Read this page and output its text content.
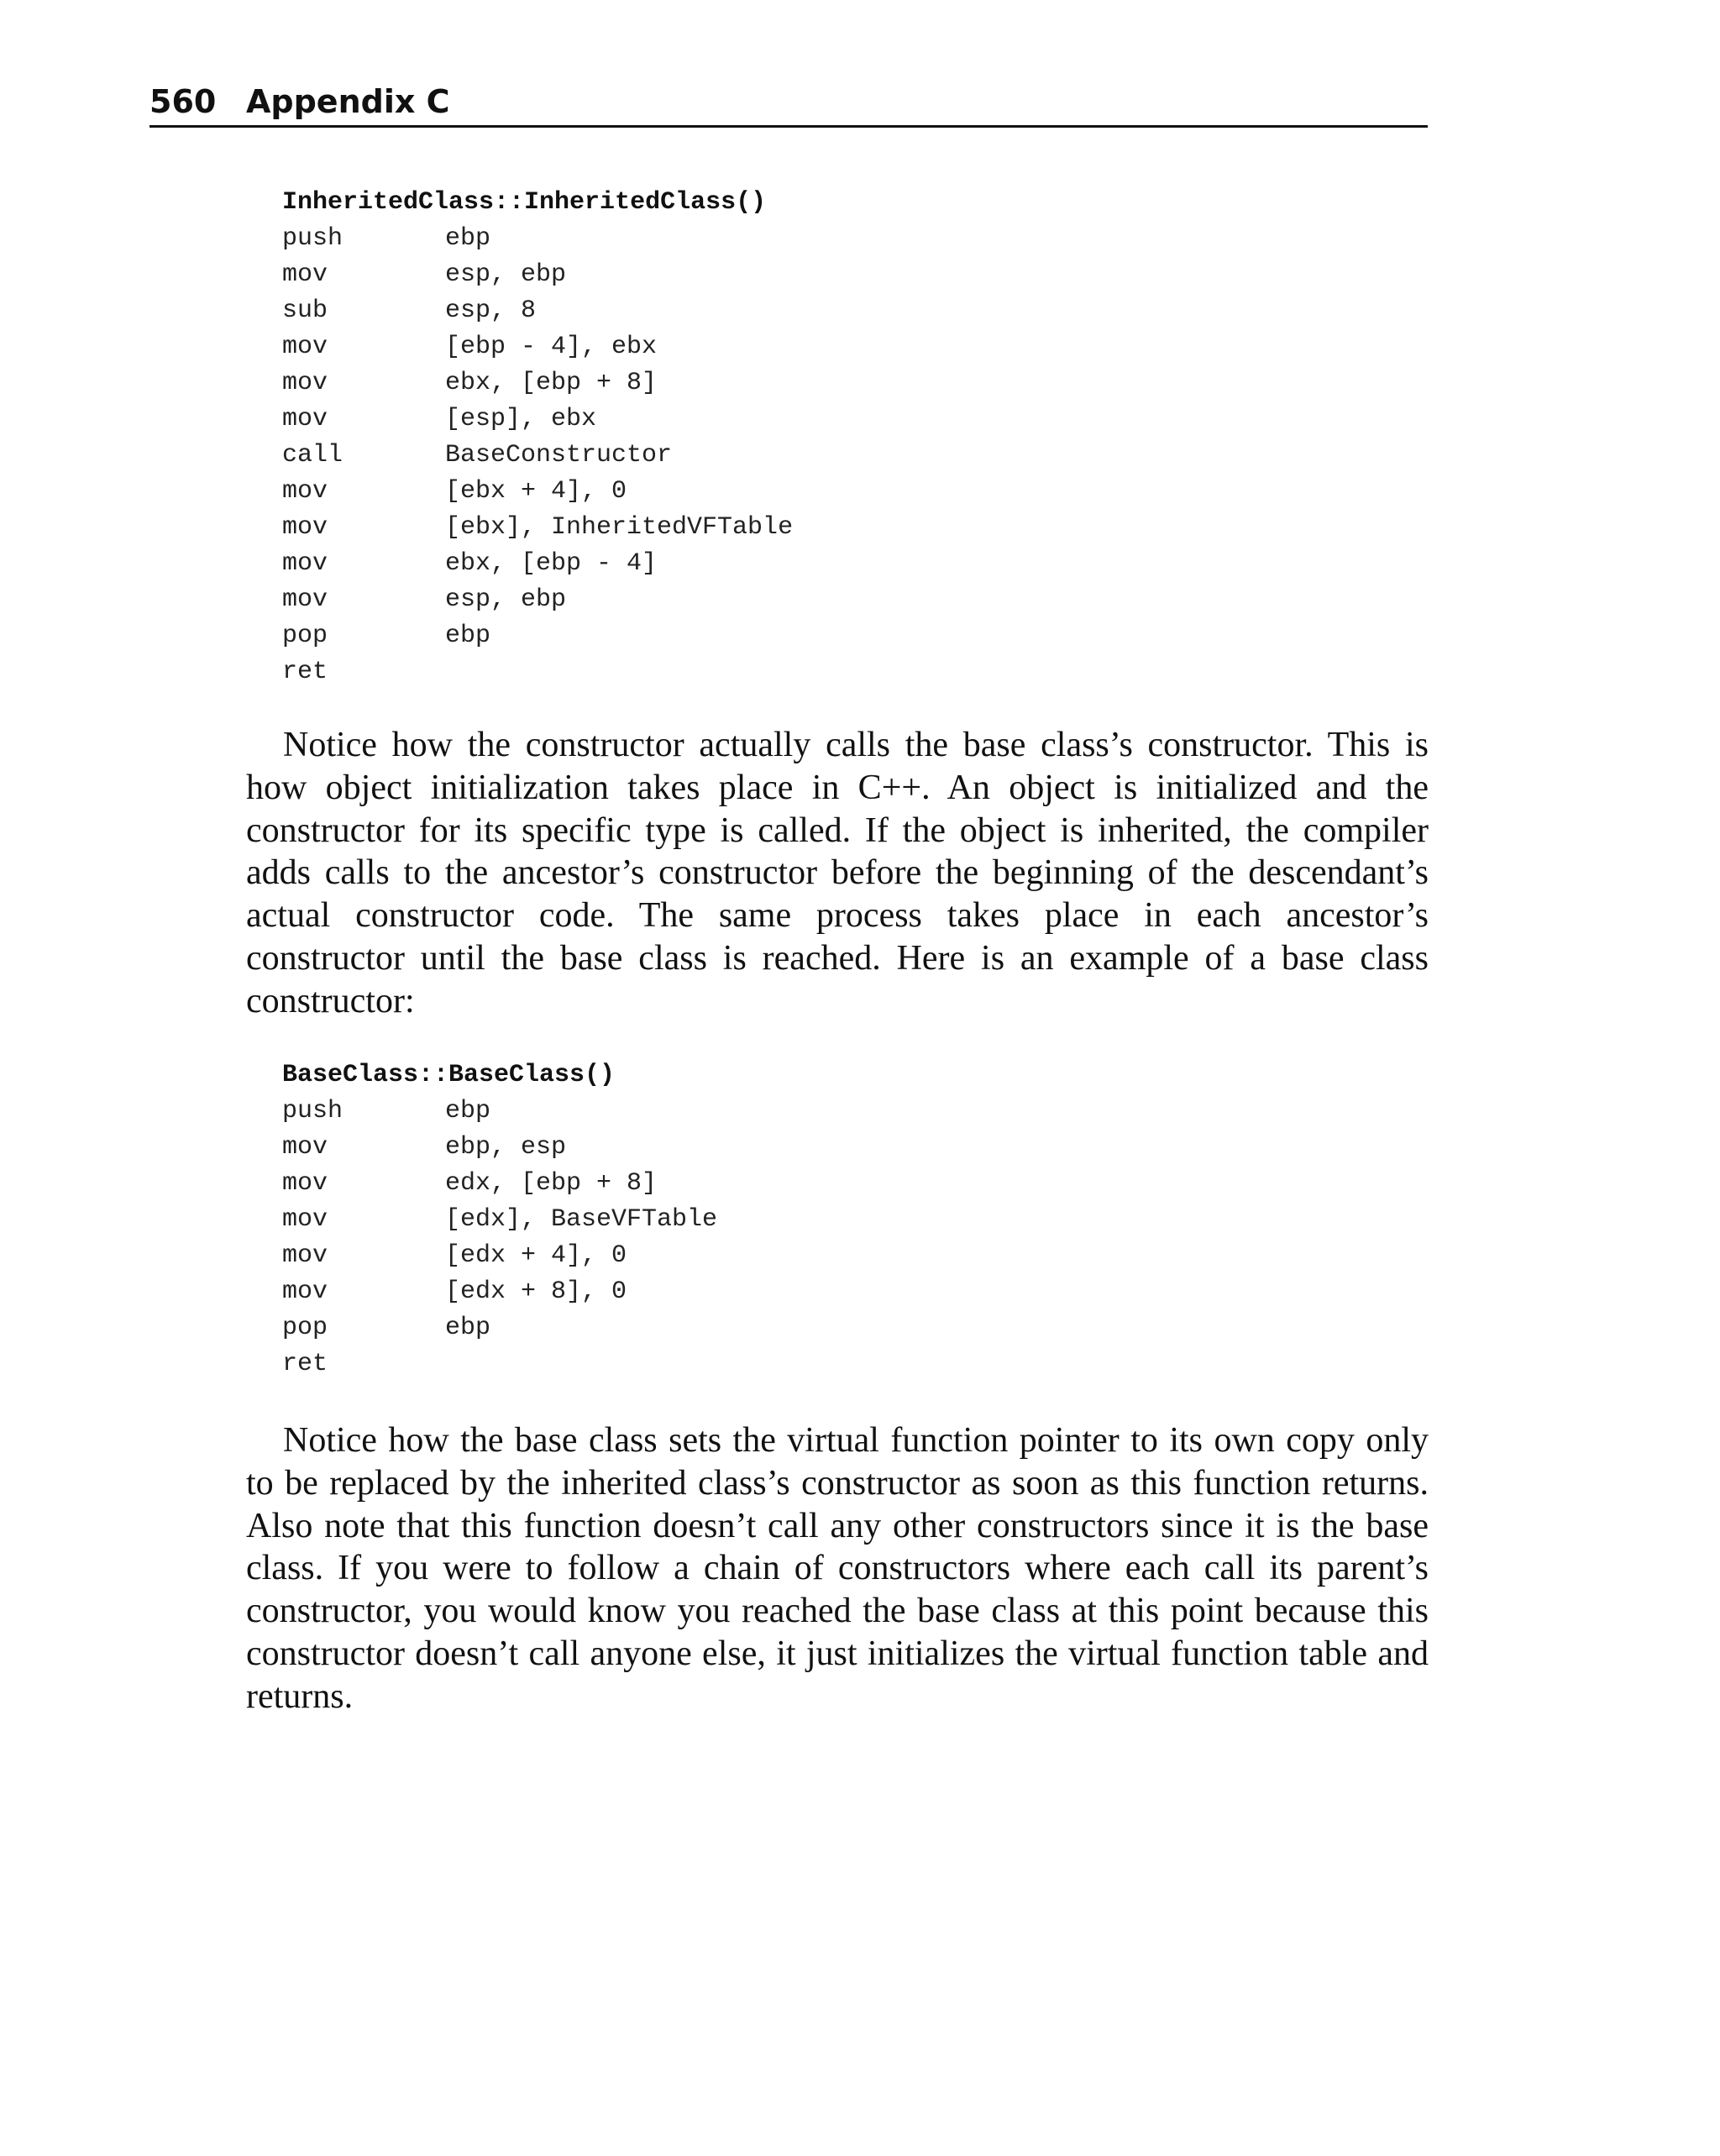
560 Appendix C
InheritedClass::InheritedClass()
push	ebp
mov	esp, ebp
sub	esp, 8
mov	[ebp - 4], ebx
mov	ebx, [ebp + 8]
mov	[esp], ebx
call	BaseConstructor
mov	[ebx + 4], 0
mov	[ebx], InheritedVFTable
mov	ebx, [ebp - 4]
mov	esp, ebp
pop	ebp
ret

Notice how the constructor actually calls the base class’s constructor. This is how object initialization takes place in C++. An object is initialized and the constructor for its specific type is called. If the object is inherited, the compiler adds calls to the ancestor’s constructor before the beginning of the descendant’s actual constructor code. The same process takes place in each ancestor’s constructor until the base class is reached. Here is an example of a base class constructor:

BaseClass::BaseClass()
push	ebp
mov	ebp, esp
mov	edx, [ebp + 8]
mov	[edx], BaseVFTable
mov	[edx + 4], 0
mov	[edx + 8], 0
pop	ebp
ret

Notice how the base class sets the virtual function pointer to its own copy only to be replaced by the inherited class’s constructor as soon as this function returns. Also note that this function doesn’t call any other constructors since it is the base class. If you were to follow a chain of constructors where each call its parent’s constructor, you would know you reached the base class at this point because this constructor doesn’t call anyone else, it just initializes the virtual function table and returns.
